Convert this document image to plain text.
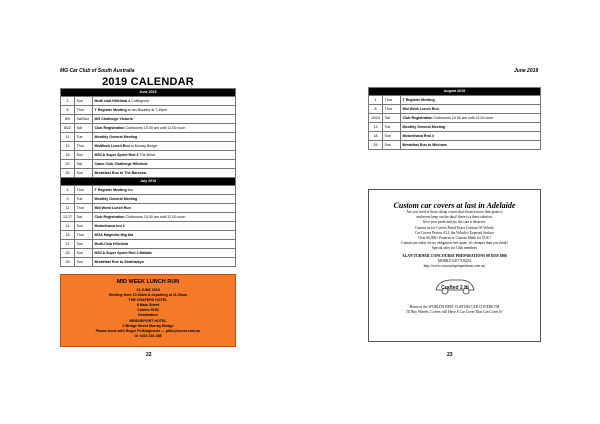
MG Car Club of South Australia	June 2019
2019 CALENDAR
June 2019		
2	Sun	Multi club Hillclimb 2 Collingrove
6	Thur	T Register Meeting at Ian Buckley at 7.45pm
8/9	Sat/Sun	MG Challenge Victoria
8/22	Sat	Club Registration Clubrooms 10.00 am until 12.00 noon
11	Tue	Monthly General Meeting
13	Thur	MidWeek Lunch Run to Murray Bridge
16	Sun	MSCA Super Sprint Rnd 3 The Bend
22	Sat	Camo Club Challenge Hillclimb
30	Sun	Breakfast Run to The Barossa
July 2019		
4	Thur	T Register Meeting tba
9	Tue	Monthly General Meeting
11	Thur	Mid Week Lunch Run
13,27	Sat	Club Registration Clubrooms 10.00 am until 12.00 noon
14	Sun	Motorkhana rnd 3
18	Thur	MGA Magnette Mtg tba
21	Sun	Multi-Club Hillclimb
28	Sun	MSCA Super Sprint Rnd 4 Mallala
28	Sun	Breakfast Run to Strathalbyn
MID WEEK LUNCH RUN
13 JUNE 2019
Meeting from 10.30am & departing at 11.00am
THE CRAFERS HOTEL
8 Main Street
Crafers 5152
Destination
BRIDGEPORT HOTEL
2 Bridge Street Murray Bridge
Please book with Roger Polkinghorne — pilks@senet.com.au
Or 0416 151 285
22
August 2019		
1	Thur	T Register Meeting
8	Thur	Mid Week Lunch Run
10/24	Sat	Club Registration Clubrooms 10.00 am until 12.00 noon
13	Tue	Monthly General Meeting
18	Sun	Motorkhana Rnd 4
25	Sun	Breakfast Run to Mitcham
Custom car covers at last in Adelaide
Are you tired of those cheap covers that Scratch more than protect,
and never keep out the dust? there is a there solution.
Give your pride and joy the care it deserves.
Contact us for Covers Fitted Exact Contour Of Vehicle
Car Covers Protect ALL the Vehicle's Exposed Surface
Over 66,000+ Patterns or Custom Made for YOU!
Contact me today for no obligation free quote, it's cheaper than you think!
Special rates for Club members
ALAN TURNER CONCOURSE PREPARATIONS 08 8339 1806
MOBILE 0417 816254
http://www.concoursepreparations.com.au/
Crafted 2 fit
Home of the WORLD'S BEST CUSTOM CAR COVERS TM
I'll Buy Wheels, Covers will Have A Car Cover That Can Cover It!
23
